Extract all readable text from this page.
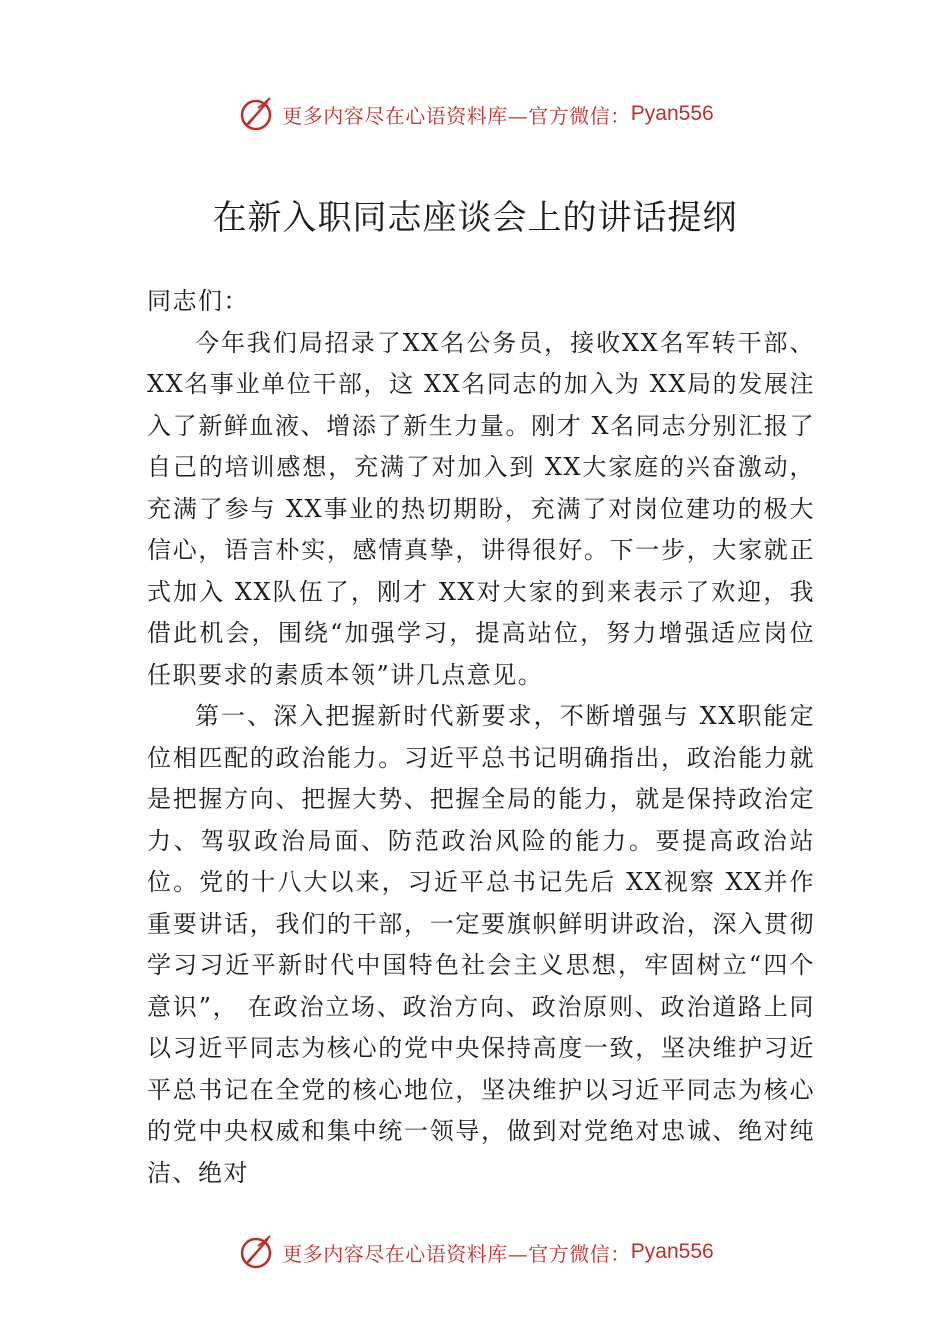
更多内容尽在心语资料库—官方微信： Pyan556
在新入职同志座谈会上的讲话提纲

同志们：

今年我们局招录了XX名公务员，接收XX名军转干部、XX名事业单位干部，这 XX名同志的加入为 XX局的发展注入了新鲜血液、增添了新生力量。刚才 X名同志分别汇报了自己的培训感想，充满了对加入到 XX大家庭的兴奋激动，充满了参与 XX事业的热切期盼，充满了对岗位建功的极大信心，语言朴实，感情真挚，讲得很好。下一步，大家就正式加入 XX队伍了，刚才 XX对大家的到来表示了欢迎，我借此机会，围绕“加强学习，提高站位，努力增强适应岗位任职要求的素质本领”讲几点意见。

第一、深入把握新时代新要求，不断增强与 XX职能定位相匹配的政治能力。习近平总书记明确指出，政治能力就是把握方向、把握大势、把握全局的能力，就是保持政治定力、驾驭政治局面、防范政治风险的能力。要提高政治站位。党的十八大以来，习近平总书记先后 XX视察 XX并作重要讲话，我们的干部，一定要旗帜鲜明讲政治，深入贯彻学习习近平新时代中国特色社会主义思想，牢固树立“四个意识”， 在政治立场、政治方向、政治原则、政治道路上同以习近平同志为核心的党中央保持高度一致，坚决维护习近平总书记在全党的核心地位，坚决维护以习近平同志为核心的党中央权威和集中统一领导，做到对党绝对忠诚、绝对纯洁、绝对

更多内容尽在心语资料库—官方微信： Pyan556
